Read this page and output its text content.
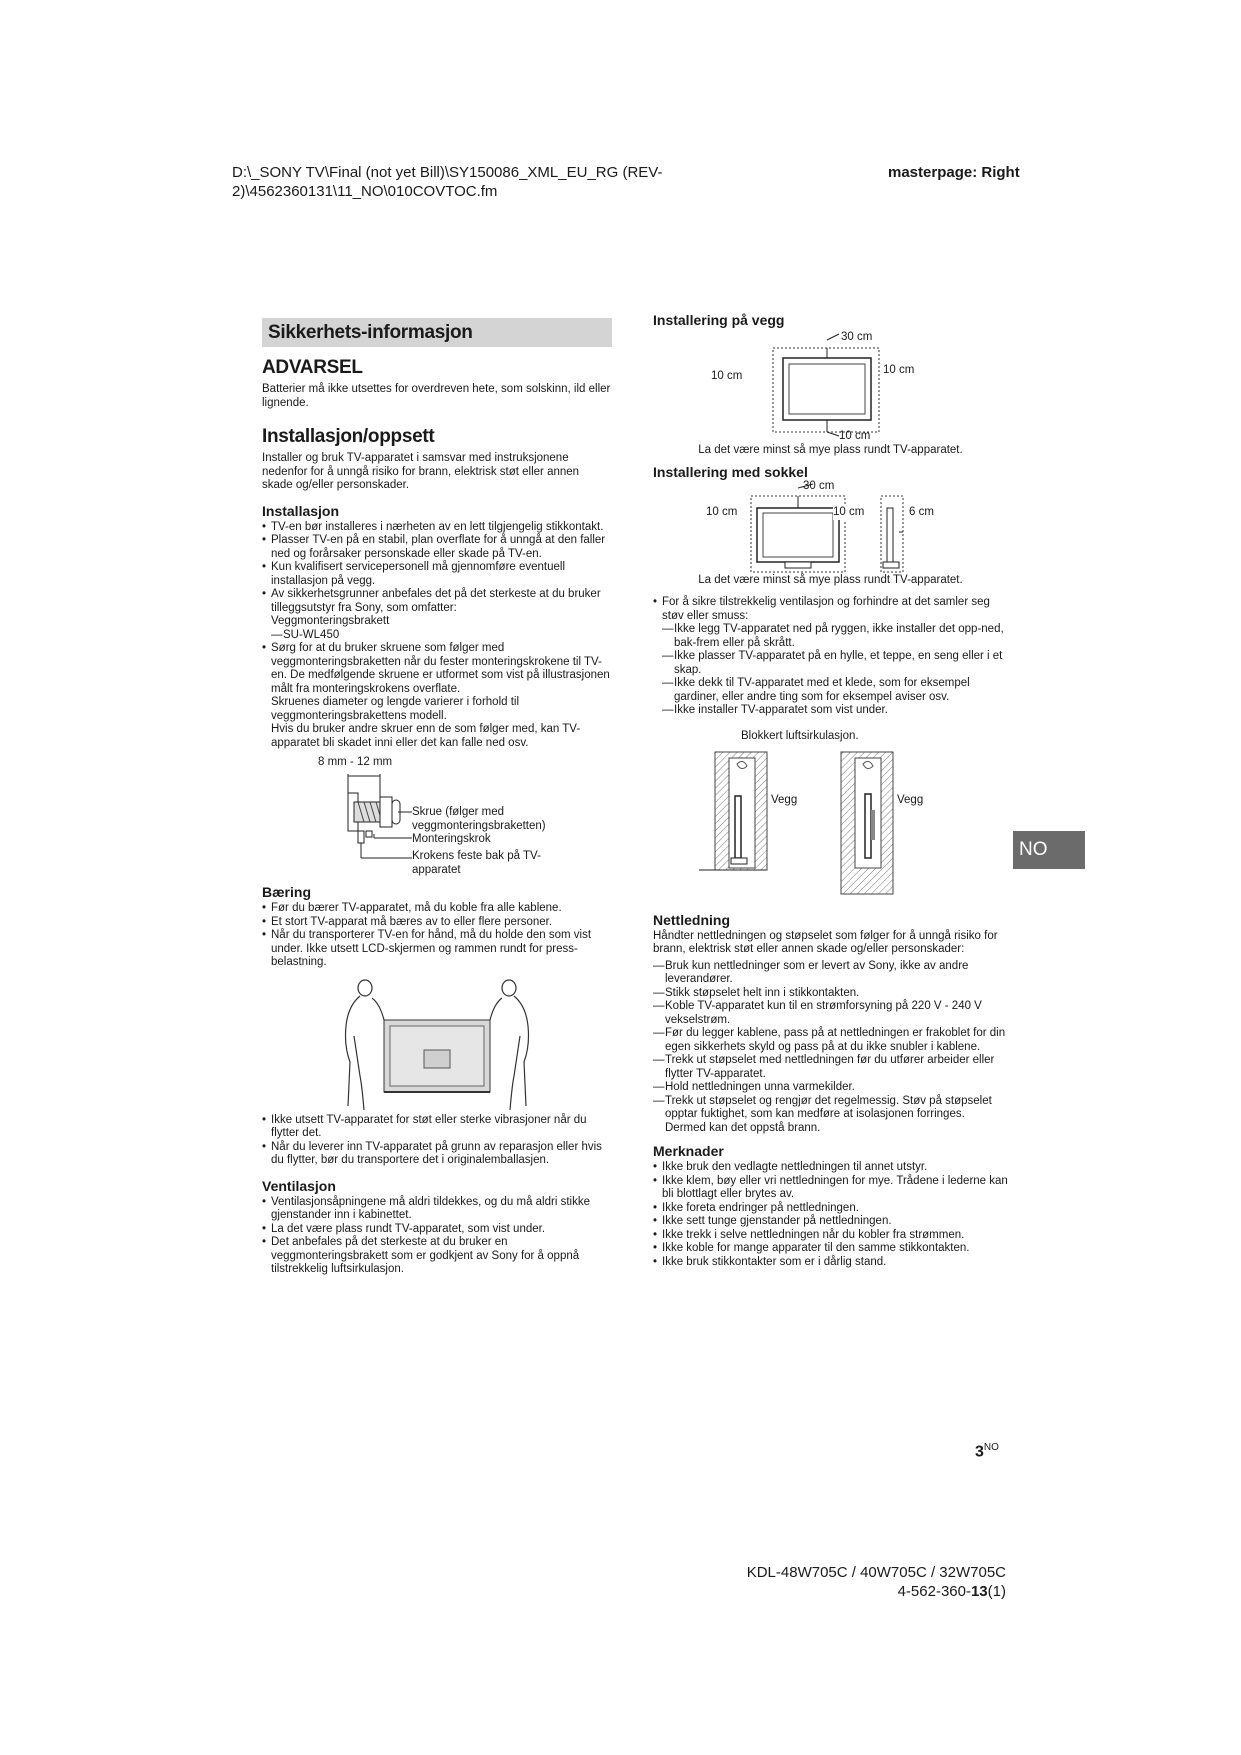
D:\_SONY TV\Final (not yet Bill)\SY150086_XML_EU_RG (REV-2)\4562360131\11_NO\010COVTOC.fm
masterpage: Right
Sikkerhets-informasjon
ADVARSEL

Batterier må ikke utsettes for overdreven hete, som solskinn, ild eller lignende.

Installasjon/oppsett

Installer og bruk TV-apparatet i samsvar med instruksjonene nedenfor for å unngå risiko for brann, elektrisk støt eller annen skade og/eller personskader.

Installasjon
• TV-en bør installeres i nærheten av en lett tilgjengelig stikkontakt.
• Plasser TV-en på en stabil, plan overflate for å unngå at den faller ned og forårsaker personskade eller skade på TV-en.
• Kun kvalifisert servicepersonell må gjennomføre eventuell installasjon på vegg.
• Av sikkerhetsgrunner anbefales det på det sterkeste at du bruker tilleggsutstyr fra Sony, som omfatter:
Veggmonteringsbrakett
— SU-WL450
• Sørg for at du bruker skruene som følger med veggmonteringsbraketten når du fester monteringskrokene til TV-en. De medfølgende skruene er utformet som vist på illustrasjonen målt fra monteringskrokens overflate.
Skruenes diameter og lengde varierer i forhold til veggmonteringsbrakettens modell.
Hvis du bruker andre skruer enn de som følger med, kan TV-apparatet bli skadet inni eller det kan falle ned osv.
8 mm - 12 mm
Skrue (følger med veggmonteringsbraketten)
Monteringskrok
Krokens feste bak på TV-apparatet
Bæring
• Før du bærer TV-apparatet, må du koble fra alle kablene.
• Et stort TV-apparat må bæres av to eller flere personer.
• Når du transporterer TV-en for hånd, må du holde den som vist under. Ikke utsett LCD-skjermen og rammen rundt for press-belastning.
• Ikke utsett TV-apparatet for støt eller sterke vibrasjoner når du flytter det.
• Når du leverer inn TV-apparatet på grunn av reparasjon eller hvis du flytter, bør du transportere det i originalemballasjen.
Ventilasjon
• Ventilasjonsåpningene må aldri tildekkes, og du må aldri stikke gjenstander inn i kabinettet.
• La det være plass rundt TV-apparatet, som vist under.
• Det anbefales på det sterkeste at du bruker en veggmonteringsbrakett som er godkjent av Sony for å oppnå tilstrekkelig luftsirkulasjon.
Installering på vegg
30 cm
10 cm	10 cm
10 cm
La det være minst så mye plass rundt TV-apparatet.
Installering med sokkel
30 cm
10 cm	10 cm	6 cm
La det være minst så mye plass rundt TV-apparatet.
• For å sikre tilstrekkelig ventilasjon og forhindre at det samler seg støv eller smuss:
— Ikke legg TV-apparatet ned på ryggen, ikke installer det opp-ned, bak-frem eller på skrått.
— Ikke plasser TV-apparatet på en hylle, et teppe, en seng eller i et skap.
— Ikke dekk til TV-apparatet med et klede, som for eksempel gardiner, eller andre ting som for eksempel aviser osv.
— Ikke installer TV-apparatet som vist under.
Blokkert luftsirkulasjon.
Vegg	Vegg
Nettledning

Håndter nettledningen og støpselet som følger for å unngå risiko for brann, elektrisk støt eller annen skade og/eller personskader:

— Bruk kun nettledninger som er levert av Sony, ikke av andre leverandører.
— Stikk støpselet helt inn i stikkontakten.
— Koble TV-apparatet kun til en strømforsyning på 220 V - 240 V vekselstrøm.
— Før du legger kablene, pass på at nettledningen er frakoblet for din egen sikkerhets skyld og pass på at du ikke snubler i kablene.
— Trekk ut støpselet med nettledningen før du utfører arbeider eller flytter TV-apparatet.
— Hold nettledningen unna varmekilder.
— Trekk ut støpselet og rengjør det regelmessig. Støv på støpselet opptar fuktighet, som kan medføre at isolasjonen forringes. Dermed kan det oppstå brann.
Merknader
• Ikke bruk den vedlagte nettledningen til annet utstyr.
• Ikke klem, bøy eller vri nettledningen for mye. Trådene i lederne kan bli blottlagt eller brytes av.
• Ikke foreta endringer på nettledningen.
• Ikke sett tunge gjenstander på nettledningen.
• Ikke trekk i selve nettledningen når du kobler fra strømmen.
• Ikke koble for mange apparater til den samme stikkontakten.
• Ikke bruk stikkontakter som er i dårlig stand.
NO
$3^{NO}$
KDL-48W705C / 40W705C / 32W705C
4-562-360-13(1)
